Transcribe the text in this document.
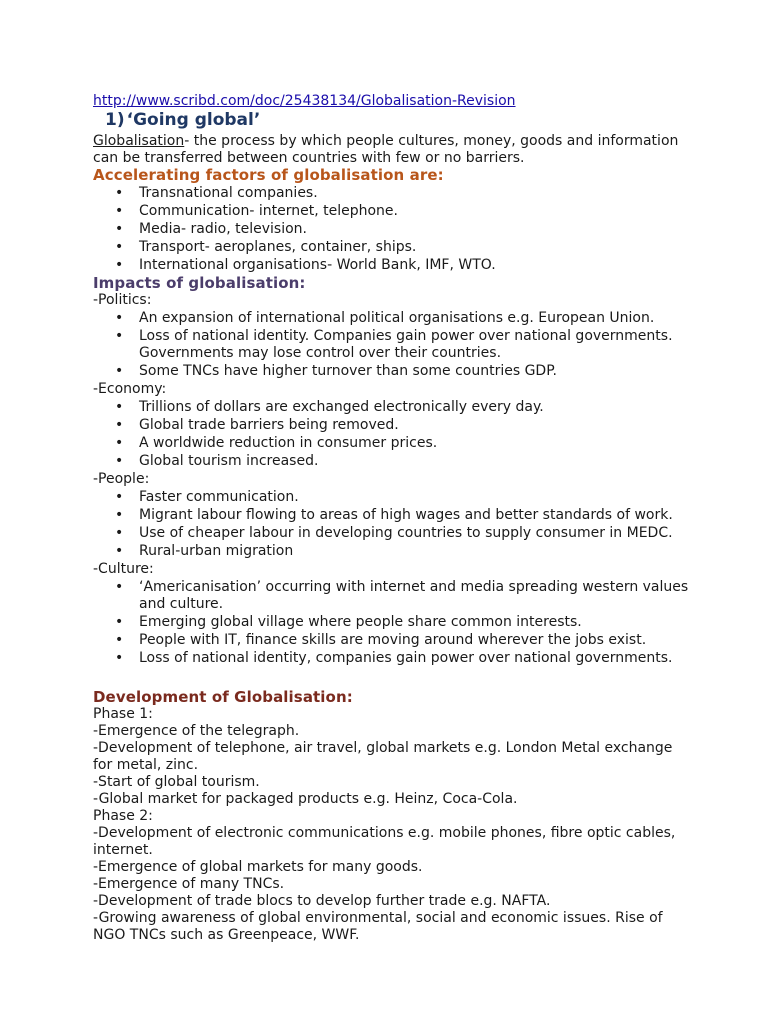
http://www.scribd.com/doc/25438134/Globalisation-Revision
1) ‘Going global’

Globalisation- the process by which people cultures, money, goods and information can be transferred between countries with few or no barriers.

Accelerating factors of globalisation are:

• Transnational companies.
• Communication- internet, telephone.
• Media- radio, television.
• Transport- aeroplanes, container, ships.
• International organisations- World Bank, IMF, WTO.

Impacts of globalisation:

-Politics:

• An expansion of international political organisations e.g. European Union.
• Loss of national identity. Companies gain power over national governments. Governments may lose control over their countries.
• Some TNCs have higher turnover than some countries GDP.

-Economy:

• Trillions of dollars are exchanged electronically every day.
• Global trade barriers being removed.
• A worldwide reduction in consumer prices.
• Global tourism increased.

-People:

• Faster communication.
• Migrant labour flowing to areas of high wages and better standards of work.
• Use of cheaper labour in developing countries to supply consumer in MEDC.
• Rural-urban migration

-Culture:

• ‘Americanisation’ occurring with internet and media spreading western values and culture.
• Emerging global village where people share common interests.
• People with IT, finance skills are moving around wherever the jobs exist.
• Loss of national identity, companies gain power over national governments.

Development of Globalisation:

Phase 1:

-Emergence of the telegraph.

-Development of telephone, air travel, global markets e.g. London Metal exchange for metal, zinc.

-Start of global tourism.

-Global market for packaged products e.g. Heinz, Coca-Cola.

Phase 2:

-Development of electronic communications e.g. mobile phones, fibre optic cables, internet.

-Emergence of global markets for many goods.

-Emergence of many TNCs.

-Development of trade blocs to develop further trade e.g. NAFTA.

-Growing awareness of global environmental, social and economic issues. Rise of NGO TNCs such as Greenpeace, WWF.
